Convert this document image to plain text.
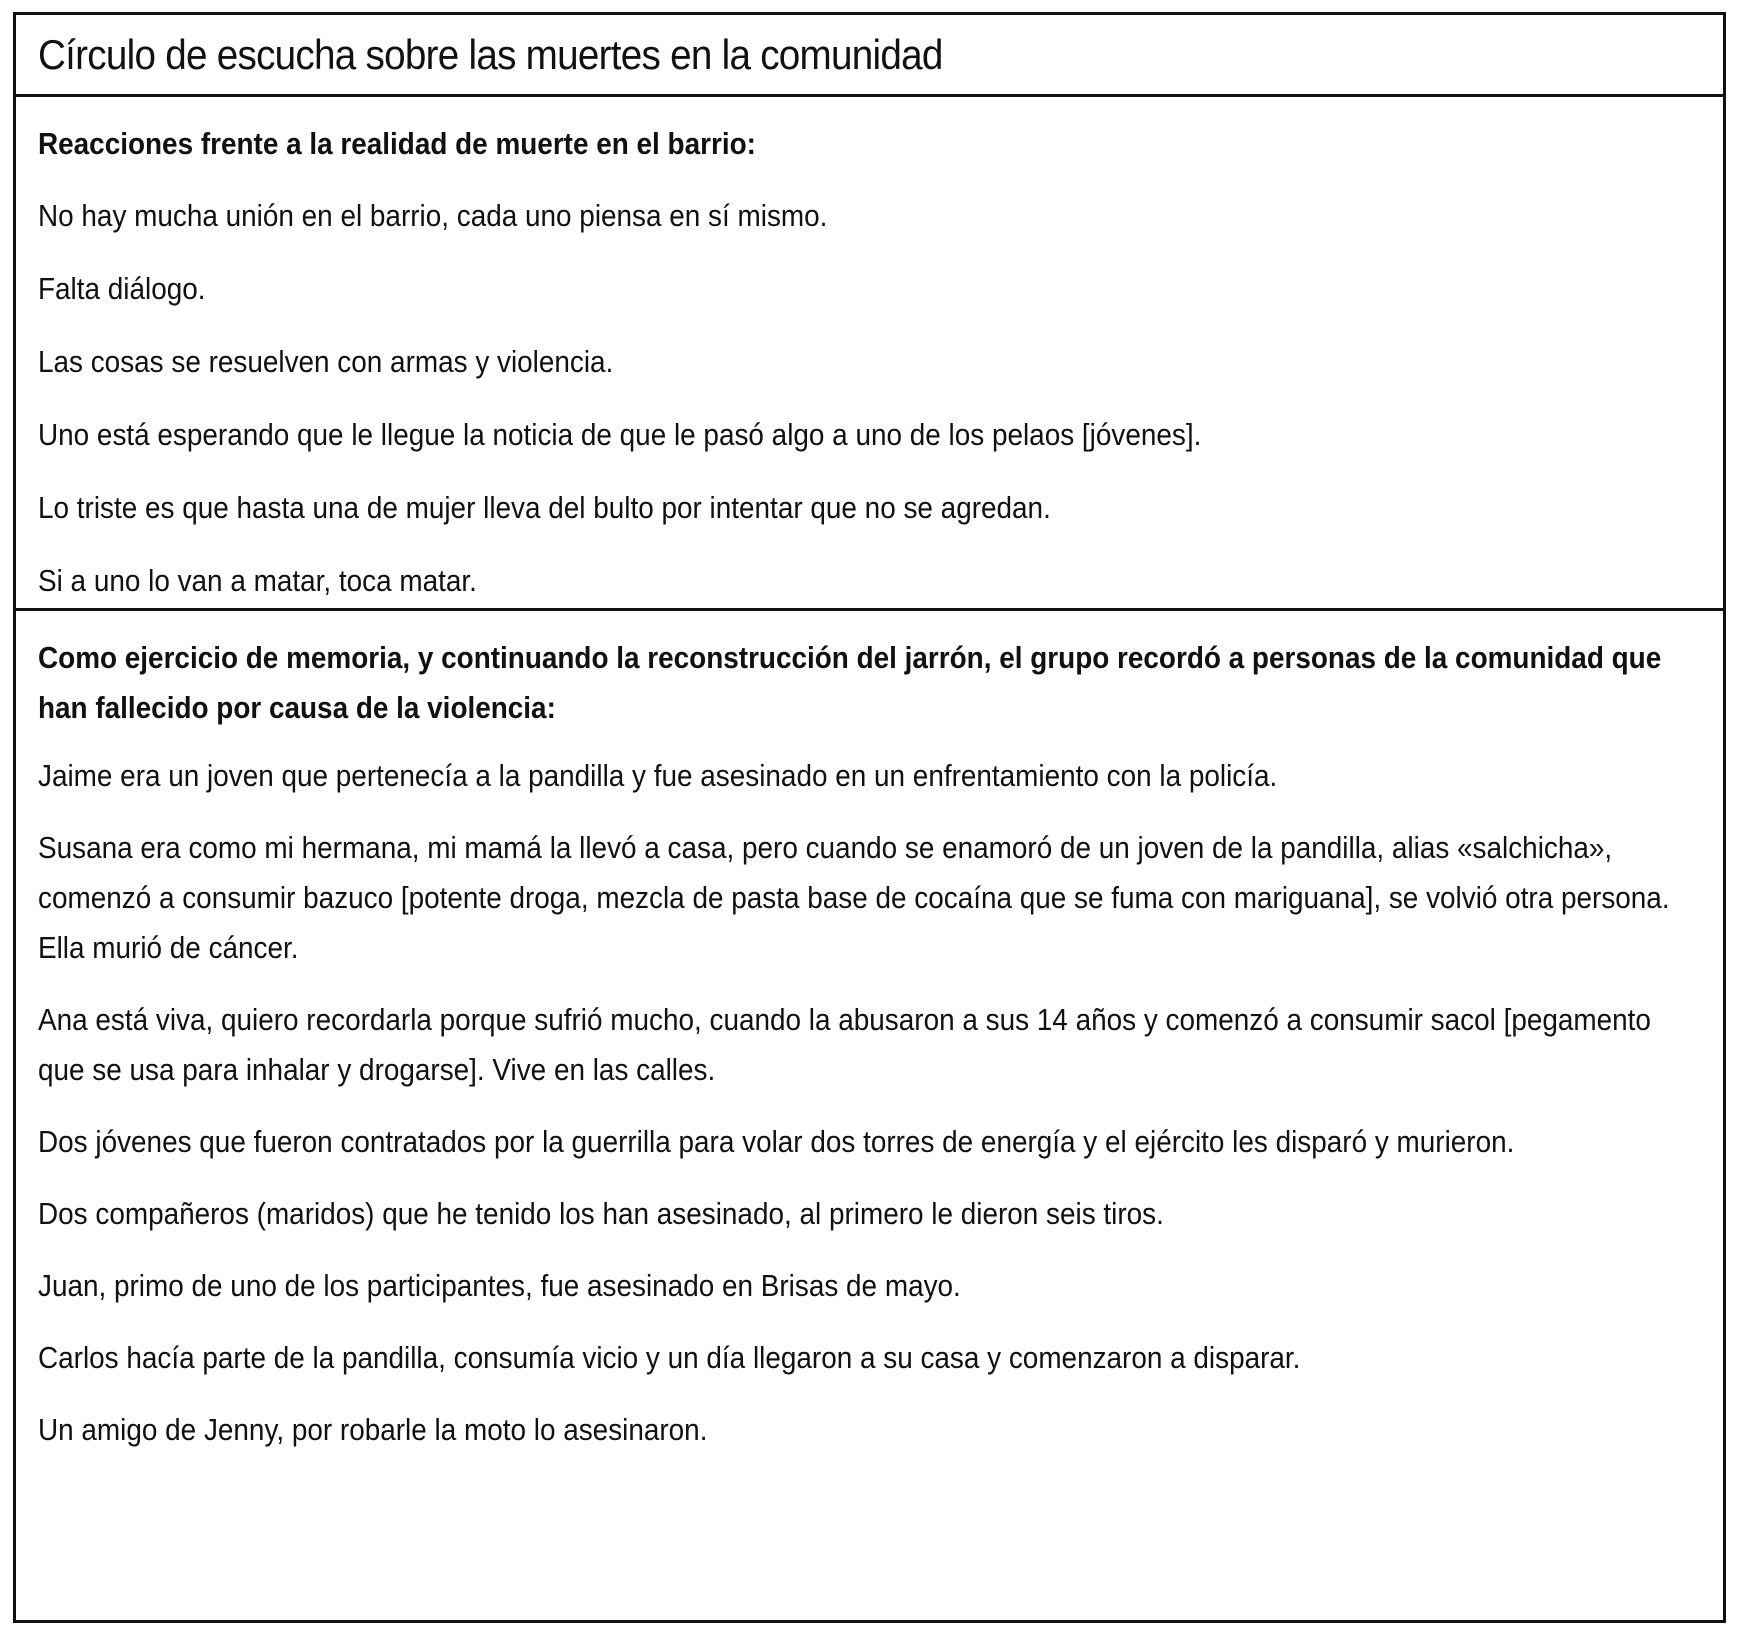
Círculo de escucha sobre las muertes en la comunidad
Reacciones frente a la realidad de muerte en el barrio:
No hay mucha unión en el barrio, cada uno piensa en sí mismo.
Falta diálogo.
Las cosas se resuelven con armas y violencia.
Uno está esperando que le llegue la noticia de que le pasó algo a uno de los pelaos [jóvenes].
Lo triste es que hasta una de mujer lleva del bulto por intentar que no se agredan.
Si a uno lo van a matar, toca matar.
Como ejercicio de memoria, y continuando la reconstrucción del jarrón, el grupo recordó a personas de la comunidad que han fallecido por causa de la violencia:
Jaime era un joven que pertenecía a la pandilla y fue asesinado en un enfrentamiento con la policía.
Susana era como mi hermana, mi mamá la llevó a casa, pero cuando se enamoró de un joven de la pandilla, alias «salchicha», comenzó a consumir bazuco [potente droga, mezcla de pasta base de cocaína que se fuma con mariguana], se volvió otra persona. Ella murió de cáncer.
Ana está viva, quiero recordarla porque sufrió mucho, cuando la abusaron a sus 14 años y comenzó a consumir sacol [pegamento que se usa para inhalar y drogarse]. Vive en las calles.
Dos jóvenes que fueron contratados por la guerrilla para volar dos torres de energía y el ejército les disparó y murieron.
Dos compañeros (maridos) que he tenido los han asesinado, al primero le dieron seis tiros.
Juan, primo de uno de los participantes, fue asesinado en Brisas de mayo.
Carlos hacía parte de la pandilla, consumía vicio y un día llegaron a su casa y comenzaron a disparar.
Un amigo de Jenny, por robarle la moto lo asesinaron.
